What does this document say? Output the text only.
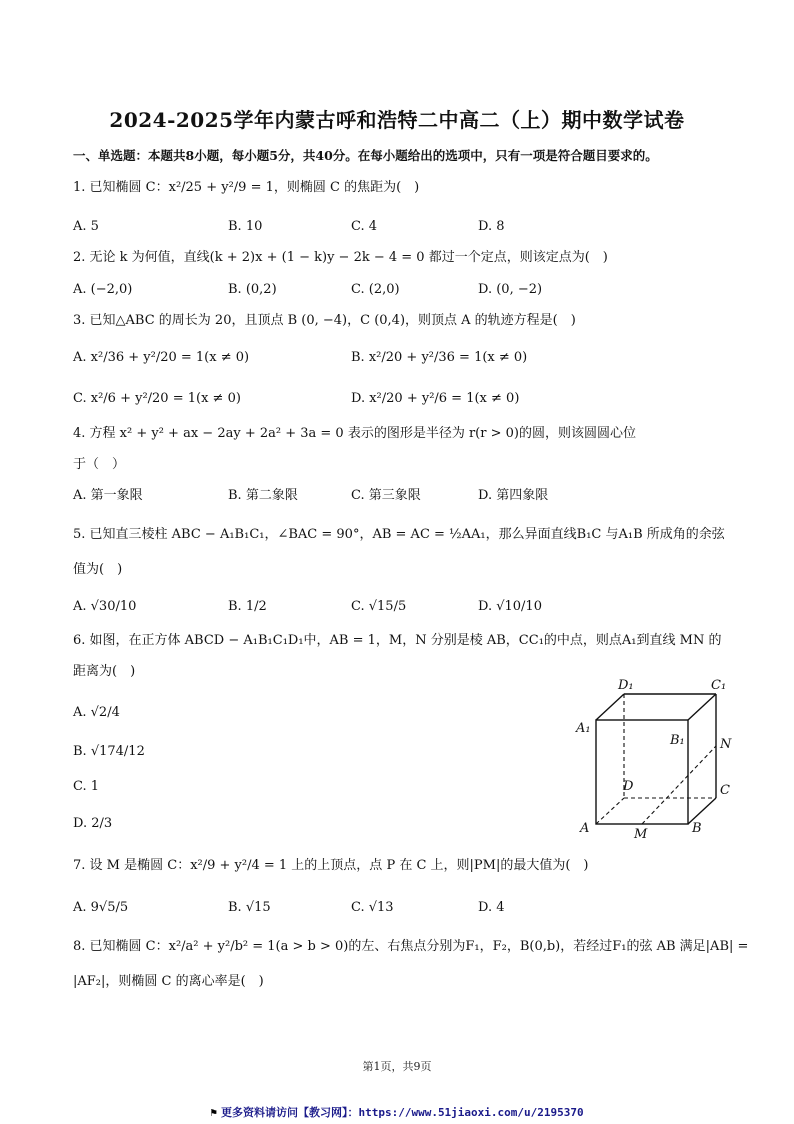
2024-2025学年内蒙古呼和浩特二中高二（上）期中数学试卷
一、单选题：本题共8小题，每小题5分，共40分。在每小题给出的选项中，只有一项是符合题目要求的。
1. 已知椭圆 C：x²/25 + y²/9 = 1，则椭圆 C 的焦距为(　)
A. 5	B. 10	C. 4	D. 8
2. 无论 k 为何值，直线(k + 2)x + (1 − k)y − 2k − 4 = 0 都过一个定点，则该定点为(　)
A. (−2,0)	B. (0,2)	C. (2,0)	D. (0, −2)
3. 已知△ABC 的周长为 20，且顶点 B (0, −4)，C (0,4)，则顶点 A 的轨迹方程是(　)
A. x²/36 + y²/20 = 1(x ≠ 0)	B. x²/20 + y²/36 = 1(x ≠ 0)
C. x²/6 + y²/20 = 1(x ≠ 0)	D. x²/20 + y²/6 = 1(x ≠ 0)
4. 方程 x² + y² + ax − 2ay + 2a² + 3a = 0 表示的图形是半径为 r(r > 0)的圆，则该圆圆心位
于（　）
A. 第一象限	B. 第二象限	C. 第三象限	D. 第四象限
5. 已知直三棱柱 ABC − A₁B₁C₁，∠BAC = 90°，AB = AC = ½AA₁，那么异面直线B₁C 与A₁B 所成角的余弦
值为(　)
A. √30/10	B. 1/2	C. √15/5	D. √10/10
6. 如图，在正方体 ABCD − A₁B₁C₁D₁中，AB = 1，M，N 分别是棱 AB，CC₁的中点，则点A₁到直线 MN 的
距离为(　)
A. √2/4
B. √174/12
C. 1
D. 2/3
D₁	C₁
A₁
B₁	N
D	C
A	M	B
7. 设 M 是椭圆 C：x²/9 + y²/4 = 1 上的上顶点，点 P 在 C 上，则|PM|的最大值为(　)
A. 9√5/5	B. √15	C. √13	D. 4
8. 已知椭圆 C：x²/a² + y²/b² = 1(a > b > 0)的左、右焦点分别为F₁，F₂，B(0,b)，若经过F₁的弦 AB 满足|AB| =
|AF₂|，则椭圆 C 的离心率是(　)
第1页，共9页
⚑ 更多资料请访问【教习网】：https://www.51jiaoxi.com/u/2195370
